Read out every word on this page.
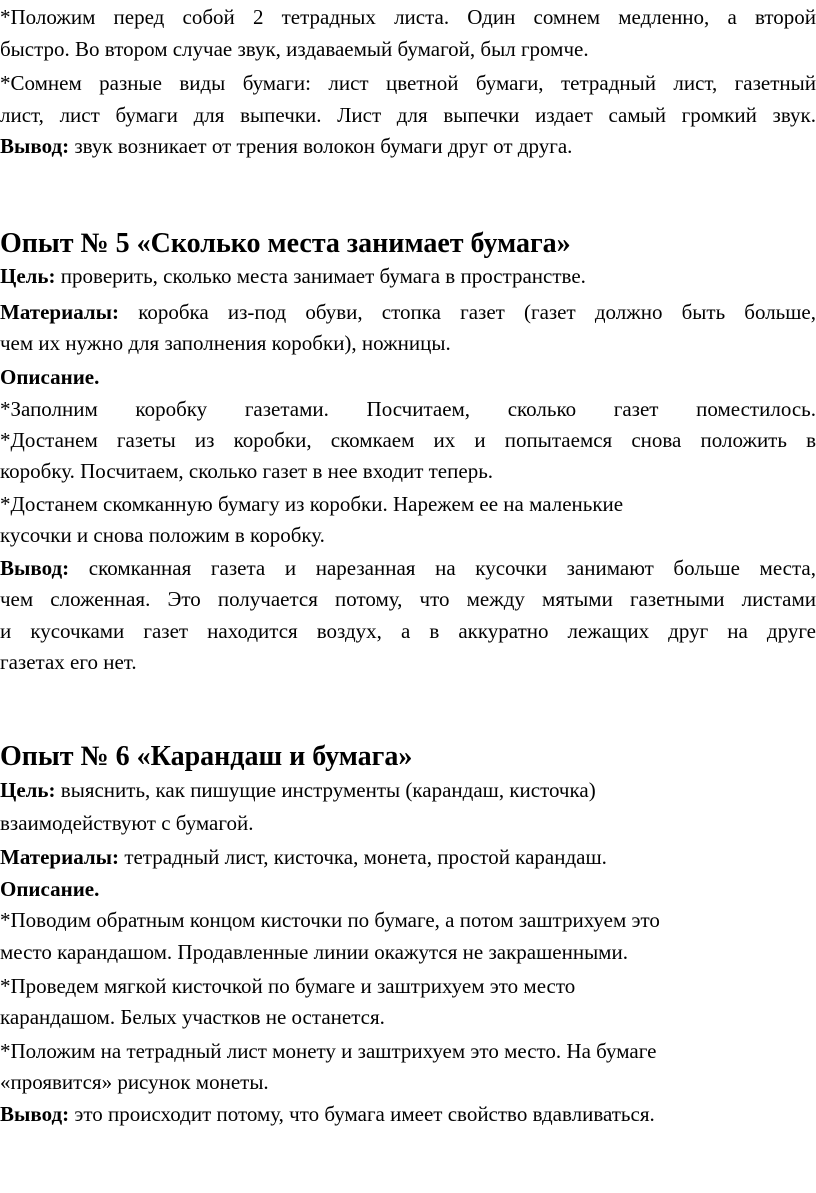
*Положим перед собой 2 тетрадных листа. Один сомнем медленно, а второй
быстро. Во втором случае звук, издаваемый бумагой, был громче.
*Сомнем разные виды бумаги: лист цветной бумаги, тетрадный лист, газетный
лист, лист бумаги для выпечки. Лист для выпечки издает самый громкий звук.
Вывод: звук возникает от трения волокон бумаги друг от друга.
Опыт № 5 «Сколько места занимает бумага»
Цель: проверить, сколько места занимает бумага в пространстве.
Материалы: коробка из-под обуви, стопка газет (газет должно быть больше,
чем их нужно для заполнения коробки), ножницы.
Описание.
*Заполним коробку газетами. Посчитаем, сколько газет поместилось.
*Достанем газеты из коробки, скомкаем их и попытаемся снова положить в
коробку. Посчитаем, сколько газет в нее входит теперь.
*Достанем скомканную бумагу из коробки. Нарежем ее на маленькие
кусочки и снова положим в коробку.
Вывод: скомканная газета и нарезанная на кусочки занимают больше места,
чем сложенная. Это получается потому, что между мятыми газетными листами
и кусочками газет находится воздух, а в аккуратно лежащих друг на друге
газетах его нет.
Опыт № 6 «Карандаш и бумага»
Цель: выяснить, как пишущие инструменты (карандаш, кисточка)
взаимодействуют с бумагой.
Материалы: тетрадный лист, кисточка, монета, простой карандаш.
Описание.
*Поводим обратным концом кисточки по бумаге, а потом заштрихуем это
место карандашом. Продавленные линии окажутся не закрашенными.
*Проведем мягкой кисточкой по бумаге и заштрихуем это место
карандашом. Белых участков не останется.
*Положим на тетрадный лист монету и заштрихуем это место. На бумаге
«проявится» рисунок монеты.
Вывод: это происходит потому, что бумага имеет свойство вдавливаться.
